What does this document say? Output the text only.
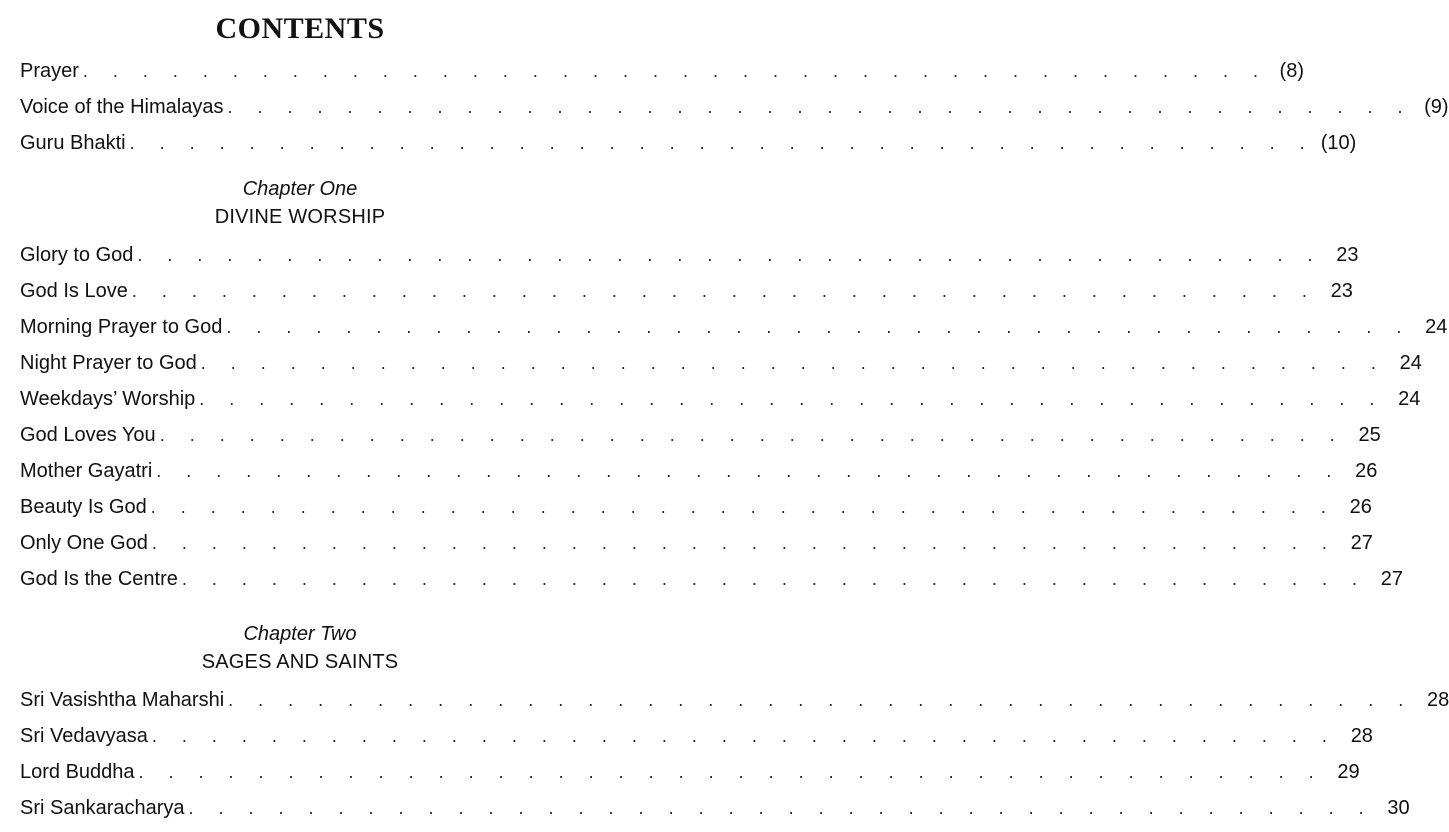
CONTENTS
Prayer . . . . . . . . . . . . . . . . . . . . . . . . . . . . . . . . . . . . . . . . (8)
Voice of the Himalayas . . . . . . . . . . . . . . . . . . . . . . . . . . . . . . . . . . . . . . . . (9)
Guru Bhakti . . . . . . . . . . . . . . . . . . . . . . . . . . . . . . . . . . . . . . . . (10)
Chapter One
DIVINE WORSHIP
Glory to God . . . . . . . . . . . . . . . . . . . . . . . . . . . . . . . . . . . . . . . . 23
God Is Love . . . . . . . . . . . . . . . . . . . . . . . . . . . . . . . . . . . . . . . . 23
Morning Prayer to God . . . . . . . . . . . . . . . . . . . . . . . . . . . . . . . . . . . . . . . . 24
Night Prayer to God . . . . . . . . . . . . . . . . . . . . . . . . . . . . . . . . . . . . . . . . 24
Weekdays’ Worship . . . . . . . . . . . . . . . . . . . . . . . . . . . . . . . . . . . . . . . . 24
God Loves You . . . . . . . . . . . . . . . . . . . . . . . . . . . . . . . . . . . . . . . . 25
Mother Gayatri . . . . . . . . . . . . . . . . . . . . . . . . . . . . . . . . . . . . . . . . 26
Beauty Is God . . . . . . . . . . . . . . . . . . . . . . . . . . . . . . . . . . . . . . . . 26
Only One God . . . . . . . . . . . . . . . . . . . . . . . . . . . . . . . . . . . . . . . . 27
God Is the Centre . . . . . . . . . . . . . . . . . . . . . . . . . . . . . . . . . . . . . . . . 27
Chapter Two
SAGES AND SAINTS
Sri Vasishtha Maharshi . . . . . . . . . . . . . . . . . . . . . . . . . . . . . . . . . . . . . . . . 28
Sri Vedavyasa . . . . . . . . . . . . . . . . . . . . . . . . . . . . . . . . . . . . . . . . 28
Lord Buddha . . . . . . . . . . . . . . . . . . . . . . . . . . . . . . . . . . . . . . . . 29
Sri Sankaracharya . . . . . . . . . . . . . . . . . . . . . . . . . . . . . . . . . . . . . . . . 30
